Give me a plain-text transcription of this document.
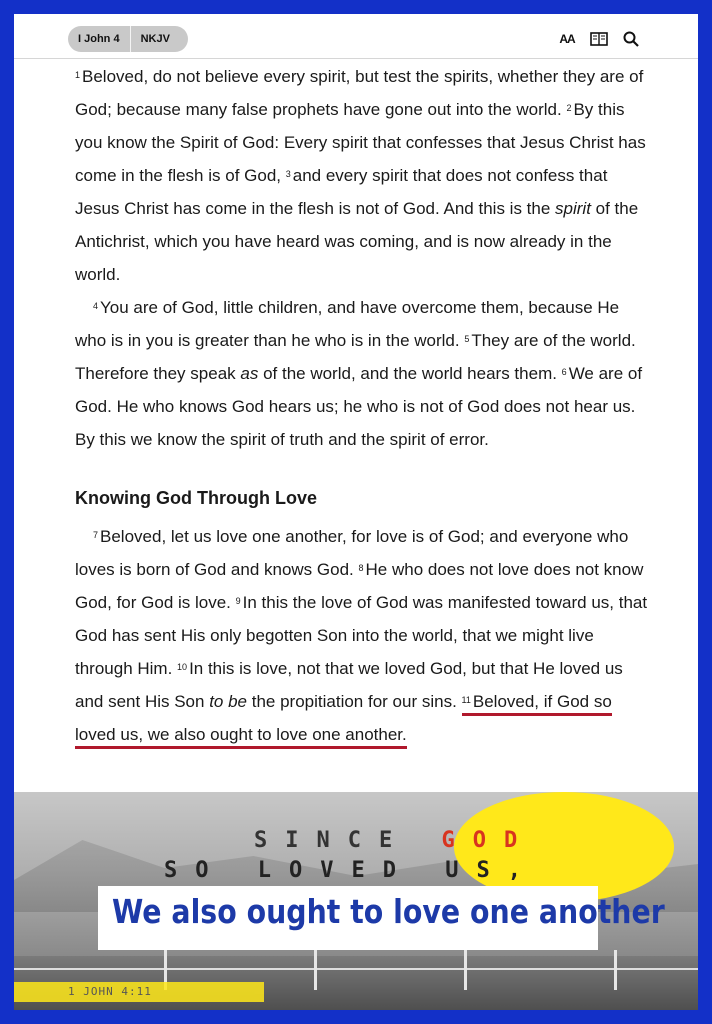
I John 4	NKJV	AA

$^1$ Beloved, do not believe every spirit, but test the spirits, whether they are of God; because many false prophets have gone out into the world. $^2$ By this you know the Spirit of God: Every spirit that confesses that Jesus Christ has come in the flesh is of God, $^3$ and every spirit that does not confess that Jesus Christ has come in the flesh is not of God. And this is the spirit of the Antichrist, which you have heard was coming, and is now already in the world.

$^4$ You are of God, little children, and have overcome them, because He who is in you is greater than he who is in the world. $^5$ They are of the world. Therefore they speak as of the world, and the world hears them. $^6$ We are of God. He who knows God hears us; he who is not of God does not hear us. By this we know the spirit of truth and the spirit of error.

Knowing God Through Love

$^7$ Beloved, let us love one another, for love is of God; and everyone who loves is born of God and knows God. $^8$ He who does not love does not know God, for God is love. $^9$ In this the love of God was manifested toward us, that God has sent His only begotten Son into the world, that we might live through Him. $^{10}$ In this is love, not that we loved God, but that He loved us and sent His Son to be the propitiation for our sins. $^{11}$ Beloved, if God so loved us, we also ought to love one another.

SINCE GOD
SO LOVED US,
We also ought to love one another
1 JOHN 4:11
